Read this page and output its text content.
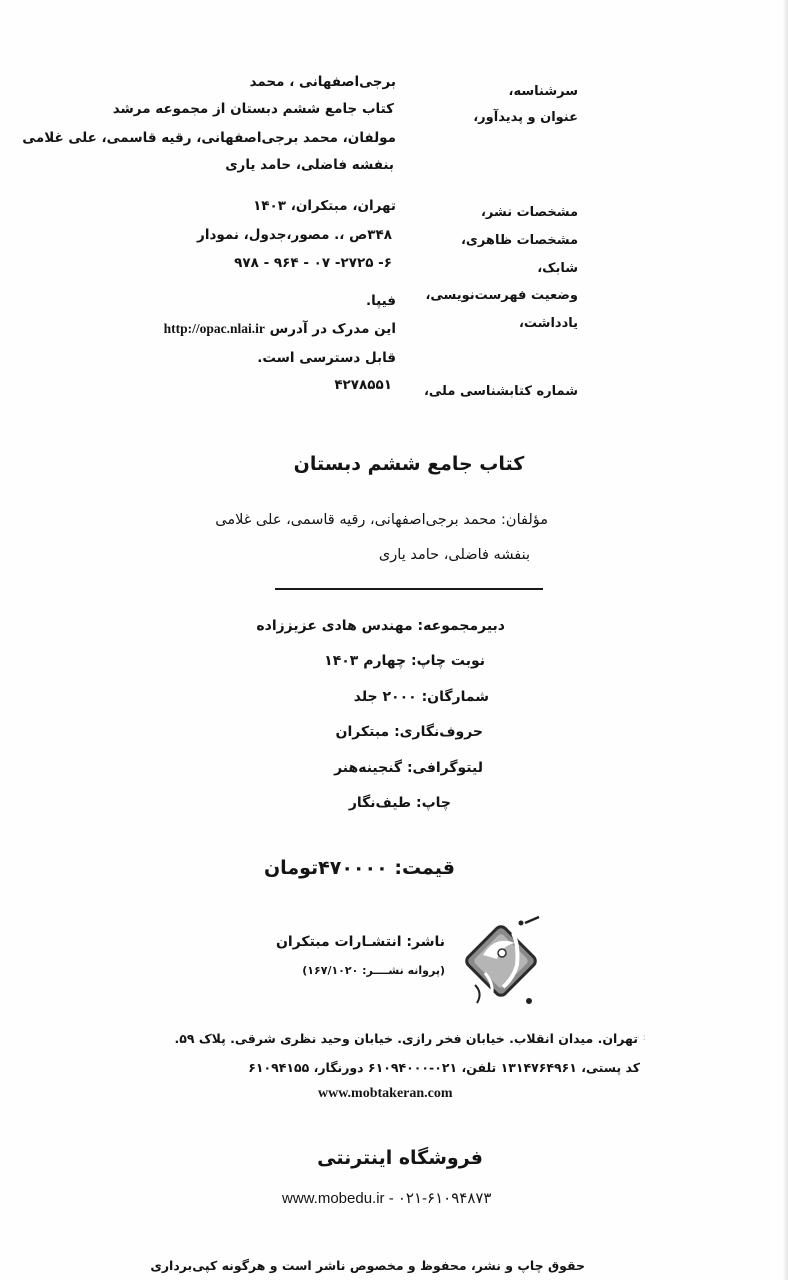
سرشناسه،
عنوان و پدیدآور،
مشخصات نشر،
مشخصات ظاهری،
شابک،
وضعیت فهرست‌نویسی،
یادداشت،
شماره کتابشناسی ملی،
برجی‌اصفهانی ، محمد
کتاب جامع ششم دبستان از مجموعه مرشد
مولفان، محمد برجی‌اصفهانی، رقیه قاسمی، علی غلامی
بنفشه فاضلی، حامد یاری
تهران، مبتکران، ۱۴۰۳
۳۴۸ص ،. مصور،جدول، نمودار
۶- ۲۷۲۵- ۰۷ - ۹۶۴ - ۹۷۸
فیپا.
این مدرک در آدرس http://opac.nlai.ir
قابل دسترسی است.
۴۲۷۸۵۵۱
کتاب جامع ششم دبستان
مؤلفان: محمد برجی‌اصفهانی، رقیه قاسمی، علی غلامی
بنفشه فاضلی، حامد یاری
دبیرمجموعه: مهندس هادی عزیززاده
نوبت چاپ: چهارم ۱۴۰۳
شمارگان: ۲۰۰۰ جلد
حروف‌نگاری: مبتکران
لیتوگرافی: گنجینه‌هنر
چاپ: طیف‌نگار
قیمت: ۴۷۰۰۰۰تومان
ناشر: انتشـارات مبتکران
(پروانه نشــــر: ۱۶۷/۱۰۲۰)
· :
تهران. میدان انقلاب. خیابان فخر رازی. خیابان وحید نظری شرقی. پلاک ۵۹.
کد پستی، ۱۳۱۴۷۶۴۹۶۱ تلفن، ۰۲۱-۶۱۰۹۴۰۰۰ دورنگار، ۶۱۰۹۴۱۵۵
www.mobtakeran.com
فروشگاه اینترنتی
www.mobedu.ir - ۰۲۱-۶۱۰۹۴۸۷۳
حقوق چاپ و نشر، محفوظ و مخصوص ناشر است و هرگونه کپی‌برداری
